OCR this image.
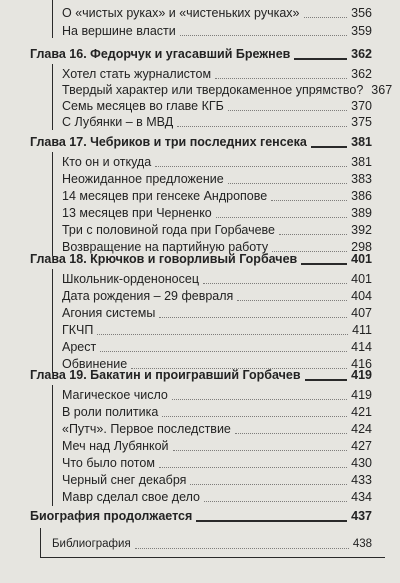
О «чистых руках» и «чистеньких ручках»	356
На вершине власти	359
Глава 16. Федорчук и угасавший Брежнев	362
Хотел стать журналистом	362
Твердый характер или твердокаменное упрямство? 367
Семь месяцев во главе КГБ	370
С Лубянки – в МВД	375
Глава 17. Чебриков и три последних генсека	381
Кто он и откуда	381
Неожиданное предложение	383
14 месяцев при генсеке Андропове	386
13 месяцев при Черненко	389
Три с половиной года при Горбачеве	392
Возвращение на партийную работу	298
Глава 18. Крючков и говорливый Горбачев	401
Школьник-орденоносец	401
Дата рождения – 29 февраля	404
Агония системы	407
ГКЧП	411
Арест	414
Обвинение	416
Глава 19. Бакатин и проигравший Горбачев	419
Магическое число	419
В роли политика	421
«Путч». Первое последствие	424
Меч над Лубянкой	427
Что было потом	430
Черный снег декабря	433
Мавр сделал свое дело	434
Биография продолжается	437
Библиография	438
